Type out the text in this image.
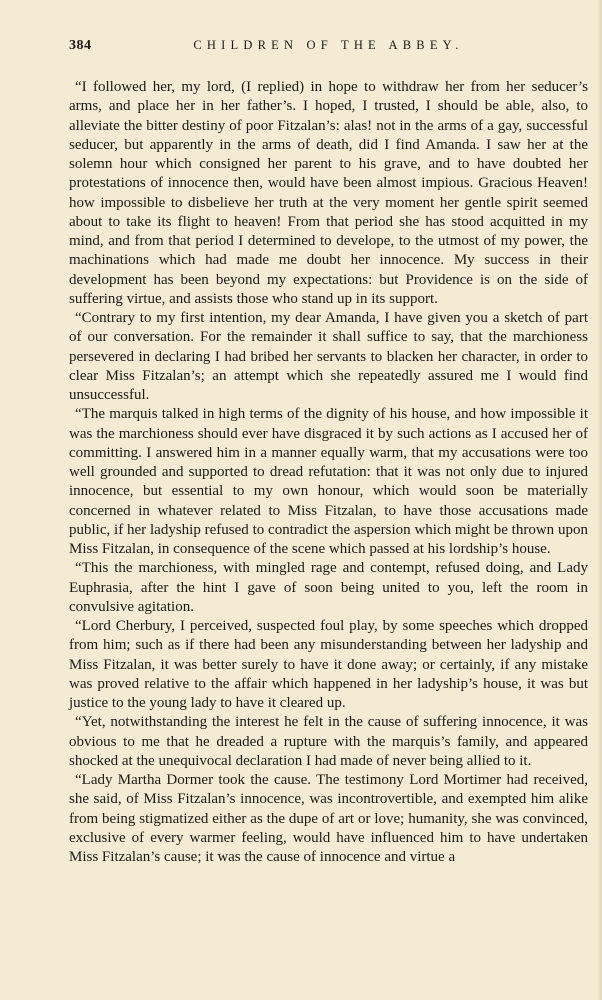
384	CHILDREN OF THE ABBEY.

“I followed her, my lord, (I replied) in hope to withdraw her from her seducer’s arms, and place her in her father’s. I hoped, I trusted, I should be able, also, to alleviate the bitter destiny of poor Fitzalan’s: alas! not in the arms of a gay, successful seducer, but apparently in the arms of death, did I find Amanda. I saw her at the solemn hour which consigned her parent to his grave, and to have doubted her protestations of innocence then, would have been almost impious. Gracious Heaven! how impossible to disbelieve her truth at the very moment her gentle spirit seemed about to take its flight to heaven! From that period she has stood acquitted in my mind, and from that period I determined to develope, to the utmost of my power, the machinations which had made me doubt her innocence. My success in their development has been beyond my expectations: but Providence is on the side of suffering virtue, and assists those who stand up in its support.

“Contrary to my first intention, my dear Amanda, I have given you a sketch of part of our conversation. For the remainder it shall suffice to say, that the marchioness persevered in declaring I had bribed her servants to blacken her character, in order to clear Miss Fitzalan’s; an attempt which she repeatedly assured me I would find unsuccessful.

“The marquis talked in high terms of the dignity of his house, and how impossible it was the marchioness should ever have disgraced it by such actions as I accused her of committing. I answered him in a manner equally warm, that my accusations were too well grounded and supported to dread refutation: that it was not only due to injured innocence, but essential to my own honour, which would soon be materially concerned in whatever related to Miss Fitzalan, to have those accusations made public, if her ladyship refused to contradict the aspersion which might be thrown upon Miss Fitzalan, in consequence of the scene which passed at his lordship’s house.

“This the marchioness, with mingled rage and contempt, refused doing, and Lady Euphrasia, after the hint I gave of soon being united to you, left the room in convulsive agitation.

“Lord Cherbury, I perceived, suspected foul play, by some speeches which dropped from him; such as if there had been any misunderstanding between her ladyship and Miss Fitzalan, it was better surely to have it done away; or certainly, if any mistake was proved relative to the affair which happened in her ladyship’s house, it was but justice to the young lady to have it cleared up.

“Yet, notwithstanding the interest he felt in the cause of suffering innocence, it was obvious to me that he dreaded a rupture with the marquis’s family, and appeared shocked at the unequivocal declaration I had made of never being allied to it.

“Lady Martha Dormer took the cause. The testimony Lord Mortimer had received, she said, of Miss Fitzalan’s innocence, was incontrovertible, and exempted him alike from being stigmatized either as the dupe of art or love; humanity, she was convinced, exclusive of every warmer feeling, would have influenced him to have undertaken Miss Fitzalan’s cause; it was the cause of innocence and virtue a
